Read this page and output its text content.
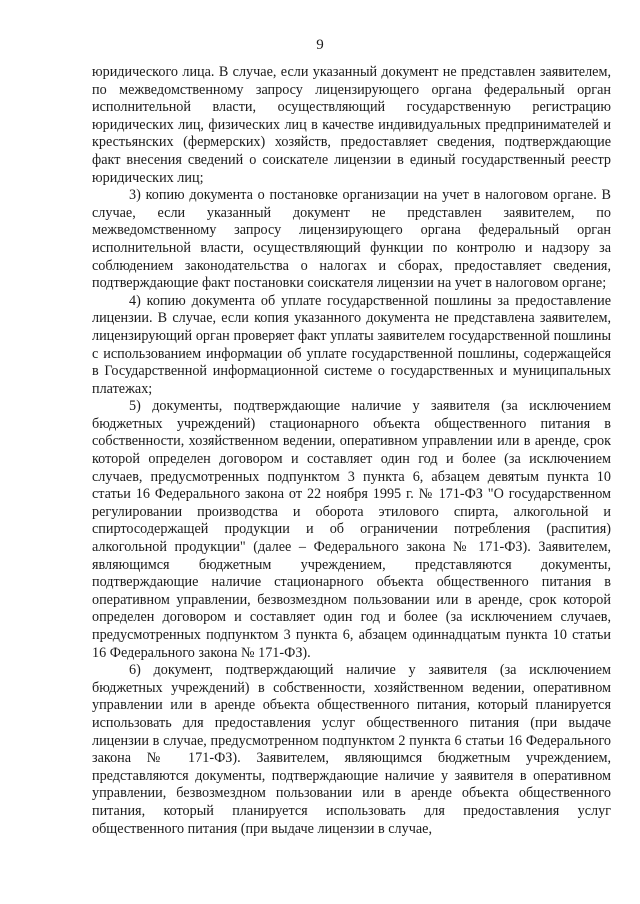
9

юридического лица. В случае, если указанный документ не представлен заявителем, по межведомственному запросу лицензирующего органа федеральный орган исполнительной власти, осуществляющий государственную регистрацию юридических лиц, физических лиц в качестве индивидуальных предпринимателей и крестьянских (фермерских) хозяйств, предоставляет сведения, подтверждающие факт внесения сведений о соискателе лицензии в единый государственный реестр юридических лиц;

3) копию документа о постановке организации на учет в налоговом органе. В случае, если указанный документ не представлен заявителем, по межведомственному запросу лицензирующего органа федеральный орган исполнительной власти, осуществляющий функции по контролю и надзору за соблюдением законодательства о налогах и сборах, предоставляет сведения, подтверждающие факт постановки соискателя лицензии на учет в налоговом органе;

4) копию документа об уплате государственной пошлины за предоставление лицензии. В случае, если копия указанного документа не представлена заявителем, лицензирующий орган проверяет факт уплаты заявителем государственной пошлины с использованием информации об уплате государственной пошлины, содержащейся в Государственной информационной системе о государственных и муниципальных платежах;

5) документы, подтверждающие наличие у заявителя (за исключением бюджетных учреждений) стационарного объекта общественного питания в собственности, хозяйственном ведении, оперативном управлении или в аренде, срок которой определен договором и составляет один год и более (за исключением случаев, предусмотренных подпунктом 3 пункта 6, абзацем девятым пункта 10 статьи 16 Федерального закона от 22 ноября 1995 г. № 171-ФЗ "О государственном регулировании производства и оборота этилового спирта, алкогольной и спиртосодержащей продукции и об ограничении потребления (распития) алкогольной продукции" (далее – Федерального закона № 171-ФЗ). Заявителем, являющимся бюджетным учреждением, представляются документы, подтверждающие наличие стационарного объекта общественного питания в оперативном управлении, безвозмездном пользовании или в аренде, срок которой определен договором и составляет один год и более (за исключением случаев, предусмотренных подпунктом 3 пункта 6, абзацем одиннадцатым пункта 10 статьи 16 Федерального закона № 171-ФЗ).

6) документ, подтверждающий наличие у заявителя (за исключением бюджетных учреждений) в собственности, хозяйственном ведении, оперативном управлении или в аренде объекта общественного питания, который планируется использовать для предоставления услуг общественного питания (при выдаче лицензии в случае, предусмотренном подпунктом 2 пункта 6 статьи 16 Федерального закона № 171-ФЗ). Заявителем, являющимся бюджетным учреждением, представляются документы, подтверждающие наличие у заявителя в оперативном управлении, безвозмездном пользовании или в аренде объекта общественного питания, который планируется использовать для предоставления услуг общественного питания (при выдаче лицензии в случае,
